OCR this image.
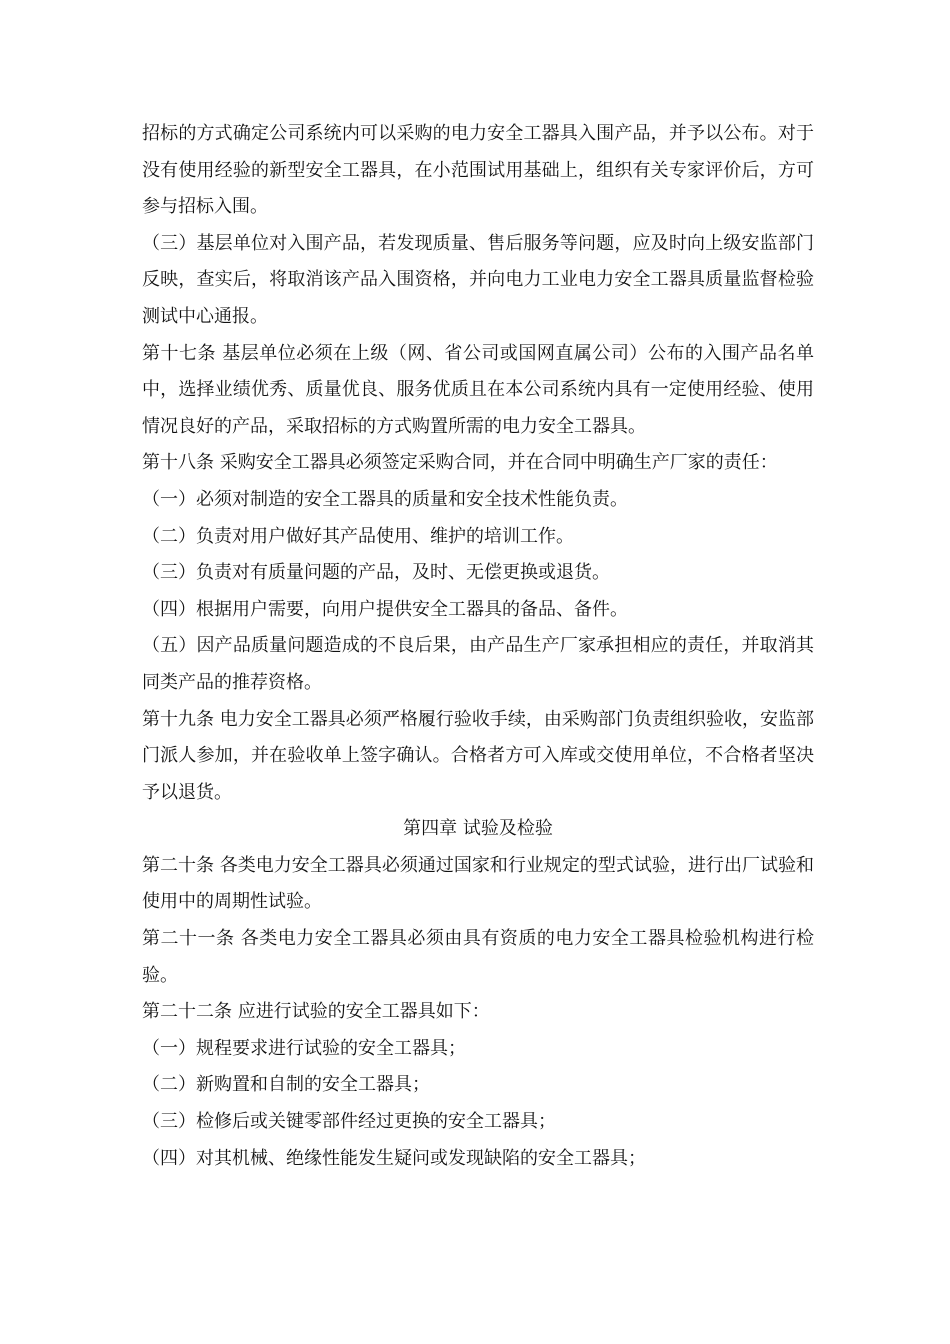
招标的方式确定公司系统内可以采购的电力安全工器具入围产品，并予以公布。对于没有使用经验的新型安全工器具，在小范围试用基础上，组织有关专家评价后，方可参与招标入围。

（三）基层单位对入围产品，若发现质量、售后服务等问题，应及时向上级安监部门反映，查实后，将取消该产品入围资格，并向电力工业电力安全工器具质量监督检验测试中心通报。

第十七条 基层单位必须在上级（网、省公司或国网直属公司）公布的入围产品名单中，选择业绩优秀、质量优良、服务优质且在本公司系统内具有一定使用经验、使用情况良好的产品，采取招标的方式购置所需的电力安全工器具。

第十八条 采购安全工器具必须签定采购合同，并在合同中明确生产厂家的责任：

（一）必须对制造的安全工器具的质量和安全技术性能负责。

（二）负责对用户做好其产品使用、维护的培训工作。

（三）负责对有质量问题的产品，及时、无偿更换或退货。

（四）根据用户需要，向用户提供安全工器具的备品、备件。

（五）因产品质量问题造成的不良后果，由产品生产厂家承担相应的责任，并取消其同类产品的推荐资格。

第十九条 电力安全工器具必须严格履行验收手续，由采购部门负责组织验收，安监部门派人参加，并在验收单上签字确认。合格者方可入库或交使用单位，不合格者坚决予以退货。

第四章 试验及检验

第二十条 各类电力安全工器具必须通过国家和行业规定的型式试验，进行出厂试验和使用中的周期性试验。

第二十一条 各类电力安全工器具必须由具有资质的电力安全工器具检验机构进行检验。

第二十二条 应进行试验的安全工器具如下：

（一）规程要求进行试验的安全工器具；

（二）新购置和自制的安全工器具；

（三）检修后或关键零部件经过更换的安全工器具；

（四）对其机械、绝缘性能发生疑问或发现缺陷的安全工器具；
